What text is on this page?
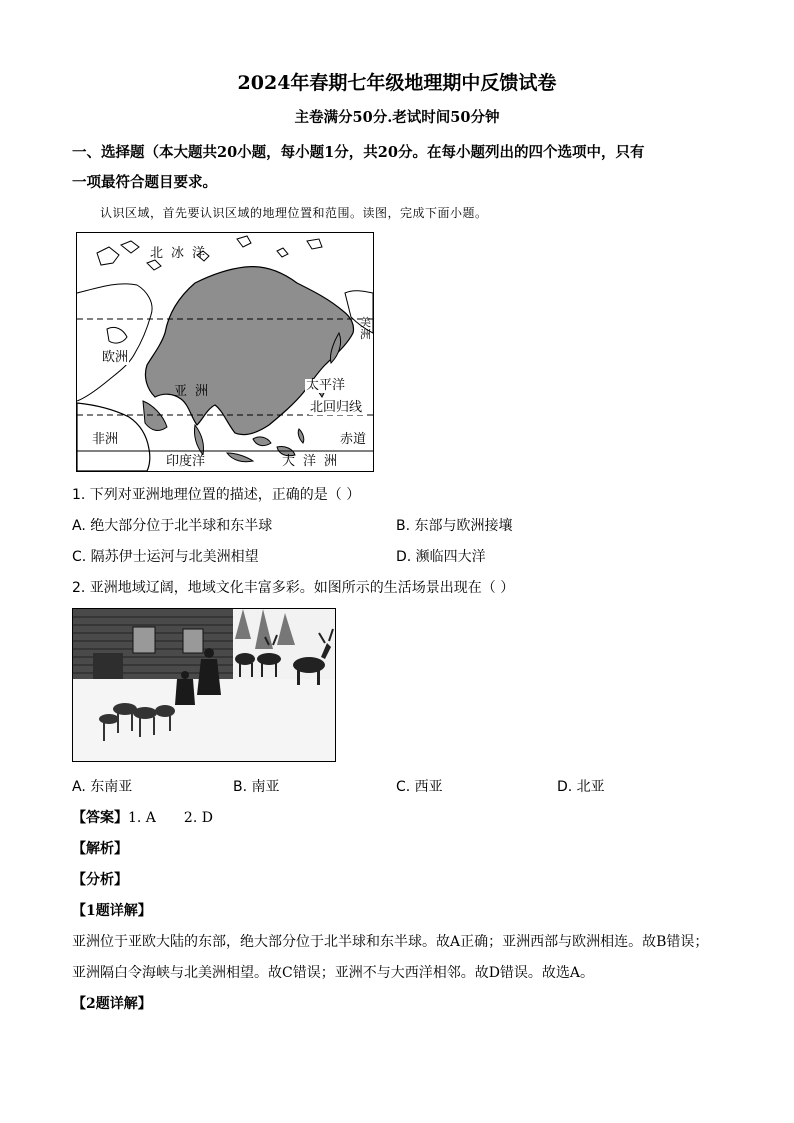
2024年春期七年级地理期中反馈试卷
主卷满分50分.老试时间50分钟
一、选择题（本大题共20小题，每小题1分，共20分。在每小题列出的四个选项中，只有
一项最符合题目要求。
认识区域，首先要认识区域的地理位置和范围。读图，完成下面小题。
北冰洋
欧洲
亚洲	太平洋
北回归线
非洲	赤道
印度洋	大洋洲
美洲
1. 下列对亚洲地理位置的描述，正确的是（ ）
A. 绝大部分位于北半球和东半球	B. 东部与欧洲接壤
C. 隔苏伊士运河与北美洲相望	D. 濒临四大洋
2. 亚洲地域辽阔，地域文化丰富多彩。如图所示的生活场景出现在（ ）
A. 东南亚	B. 南亚	C. 西亚	D. 北亚
【答案】1. A 2. D
【解析】
【分析】
【1题详解】
亚洲位于亚欧大陆的东部，绝大部分位于北半球和东半球。故A正确；亚洲西部与欧洲相连。故B错误；
亚洲隔白令海峡与北美洲相望。故C错误；亚洲不与大西洋相邻。故D错误。故选A。
【2题详解】
